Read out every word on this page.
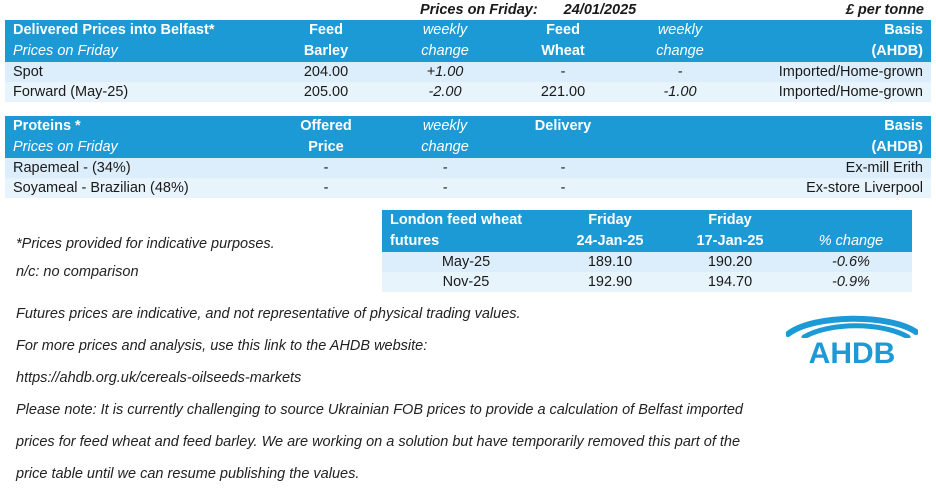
Prices on Friday: 24/01/2025	£ per tonne
Delivered Prices into Belfast*	Feed	weekly	Feed	weekly	Basis
Prices on Friday	Barley	change	Wheat	change	(AHDB)
Spot	204.00	+1.00	-	-	Imported/Home-grown
Forward (May-25)	205.00	-2.00	221.00	-1.00	Imported/Home-grown
Proteins *	Offered	weekly	Delivery	Basis
Prices on Friday	Price	change		(AHDB)
Rapemeal - (34%)	-	-	-	Ex-mill Erith
Soyameal - Brazilian (48%)	-	-	-	Ex-store Liverpool
*Prices provided for indicative purposes.
n/c: no comparison
London feed wheat	Friday	Friday	
futures	24-Jan-25	17-Jan-25	% change
May-25	189.10	190.20	-0.6%
Nov-25	192.90	194.70	-0.9%

Futures prices are indicative, and not representative of physical trading values.

For more prices and analysis, use this link to the AHDB website:

https://ahdb.org.uk/cereals-oilseeds-markets

Please note: It is currently challenging to source Ukrainian FOB prices to provide a calculation of Belfast imported

prices for feed wheat and feed barley. We are working on a solution but have temporarily removed this part of the

price table until we can resume publishing the values.

AHDB
